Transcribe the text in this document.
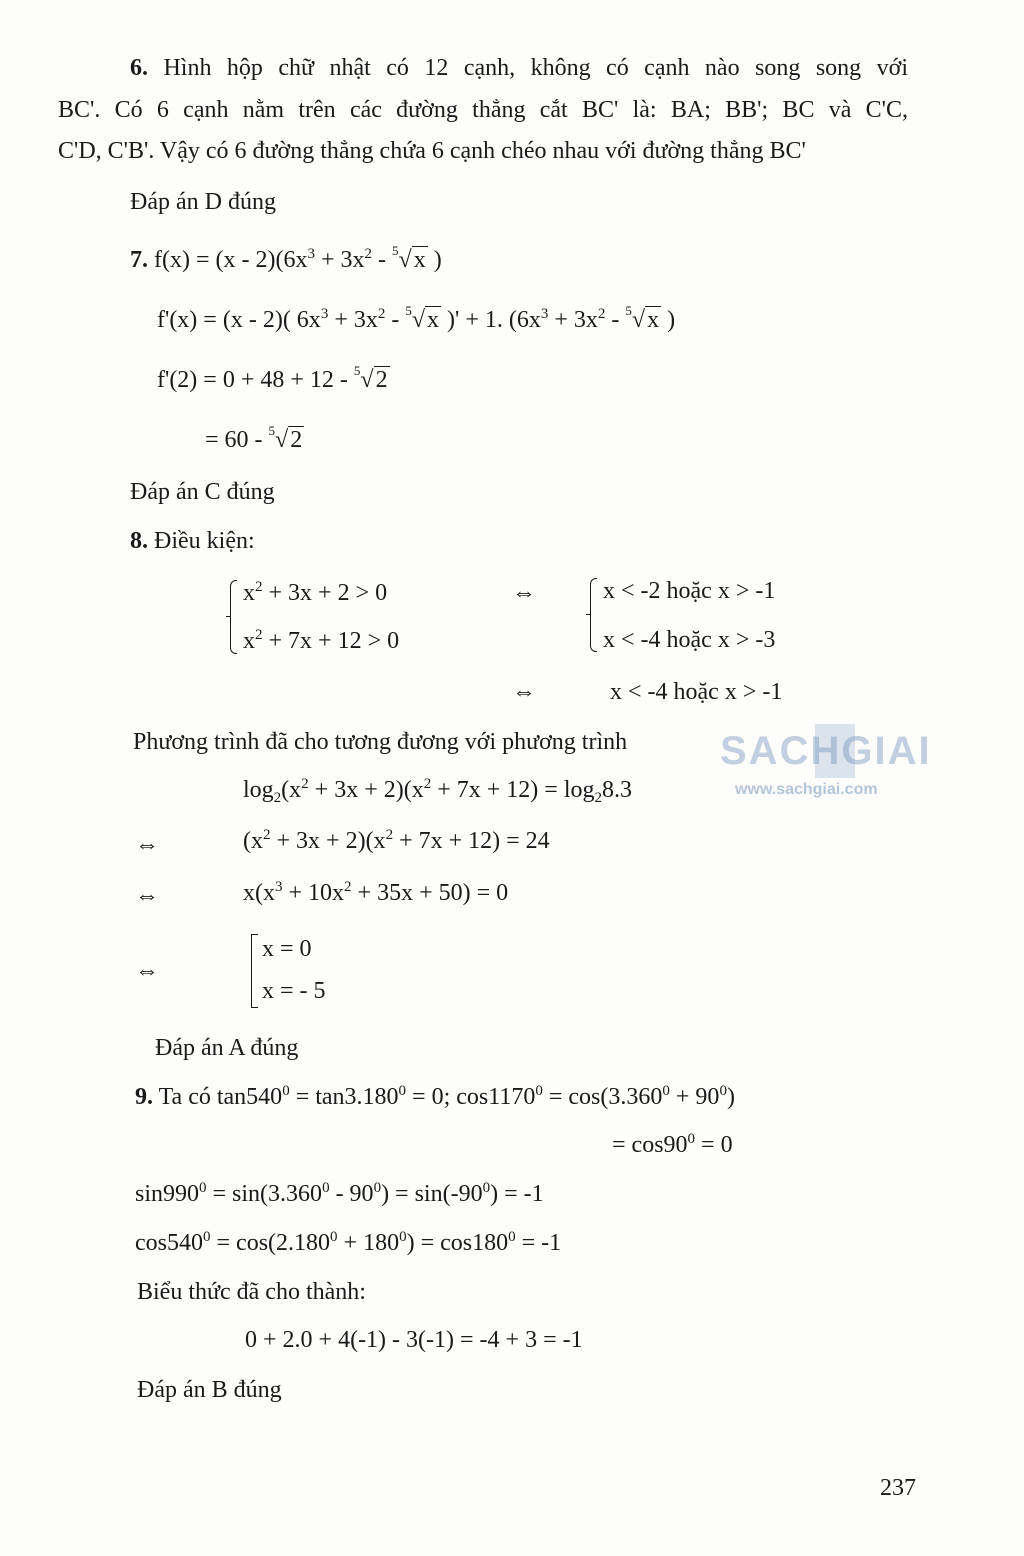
SACHGIAI
www.sachgiai.com
6. Hình hộp chữ nhật có 12 cạnh, không có cạnh nào song song với
BC'. Có 6 cạnh nằm trên các đường thẳng cắt BC' là: BA; BB'; BC và C'C,
C'D, C'B'. Vậy có 6 đường thẳng chứa 6 cạnh chéo nhau với đường thẳng BC'
Đáp án D đúng
7. $f(x) = (x - 2)(6x^3 + 3x^2 - ^5√x$ )
f'(x) = (x - 2)( $6x^3 + 3x^2 - ^5√x$ )' + 1. ($6x^3 + 3x^2 - ^5√x$ )
f'(2) = 0 + 48 + 12 - $^5$√2
= 60 - $^5$√2
Đáp án C đúng
8. Điều kiện:
$x^2 + 3x + 2 > 0$
$x^2 + 7x + 12 > 0$
⇔	x < -2 hoặc x > -1
x < -4 hoặc x > -3
⇔	x < -4 hoặc x > -1
Phương trình đã cho tương đương với phương trình
$\log_2(x^2 + 3x + 2)(x^2 + 7x + 12) = \log_28.3$
⇔	$(x^2 + 3x + 2)(x^2 + 7x + 12) = 24$
⇔	$x(x^3 + 10x^2 + 35x + 50) = 0$
⇔
x = 0
x = - 5
Đáp án A đúng
9. Ta có $\tan 540^0 = \tan 3.180^0 = 0$; $\cos 1170^0 = \cos(3.360^0 + 90^0)$
= $\cos 90^0 = 0$
$\sin 990^0 = \sin(3.360^0 - 90^0) = \sin(-90^0) = -1$
$\cos 540^0 = \cos(2.180^0 + 180^0) = \cos 180^0 = -1$
Biểu thức đã cho thành:
0 + 2.0 + 4(-1) - 3(-1) = -4 + 3 = -1
Đáp án B đúng
237
